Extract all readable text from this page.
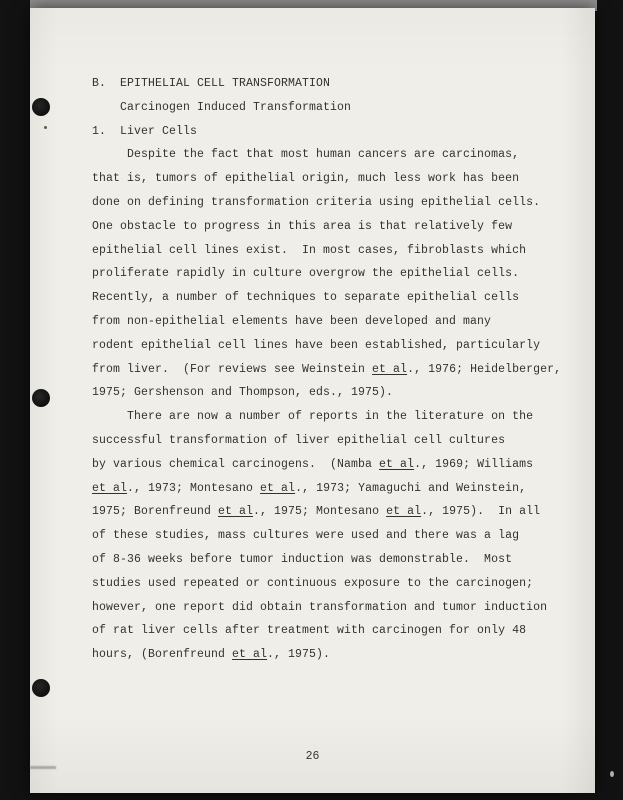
B.  EPITHELIAL CELL TRANSFORMATION
Carcinogen Induced Transformation
1.  Liver Cells
Despite the fact that most human cancers are carcinomas,
that is, tumors of epithelial origin, much less work has been
done on defining transformation criteria using epithelial cells.
One obstacle to progress in this area is that relatively few
epithelial cell lines exist.  In most cases, fibroblasts which
proliferate rapidly in culture overgrow the epithelial cells.
Recently, a number of techniques to separate epithelial cells
from non-epithelial elements have been developed and many
rodent epithelial cell lines have been established, particularly
from liver.  (For reviews see Weinstein et al., 1976; Heidelberger,
1975; Gershenson and Thompson, eds., 1975).
There are now a number of reports in the literature on the
successful transformation of liver epithelial cell cultures
by various chemical carcinogens.  (Namba et al., 1969; Williams
et al., 1973; Montesano et al., 1973; Yamaguchi and Weinstein,
1975; Borenfreund et al., 1975; Montesano et al., 1975).  In all
of these studies, mass cultures were used and there was a lag
of 8-36 weeks before tumor induction was demonstrable.  Most
studies used repeated or continuous exposure to the carcinogen;
however, one report did obtain transformation and tumor induction
of rat liver cells after treatment with carcinogen for only 48
hours, (Borenfreund et al., 1975).
26
